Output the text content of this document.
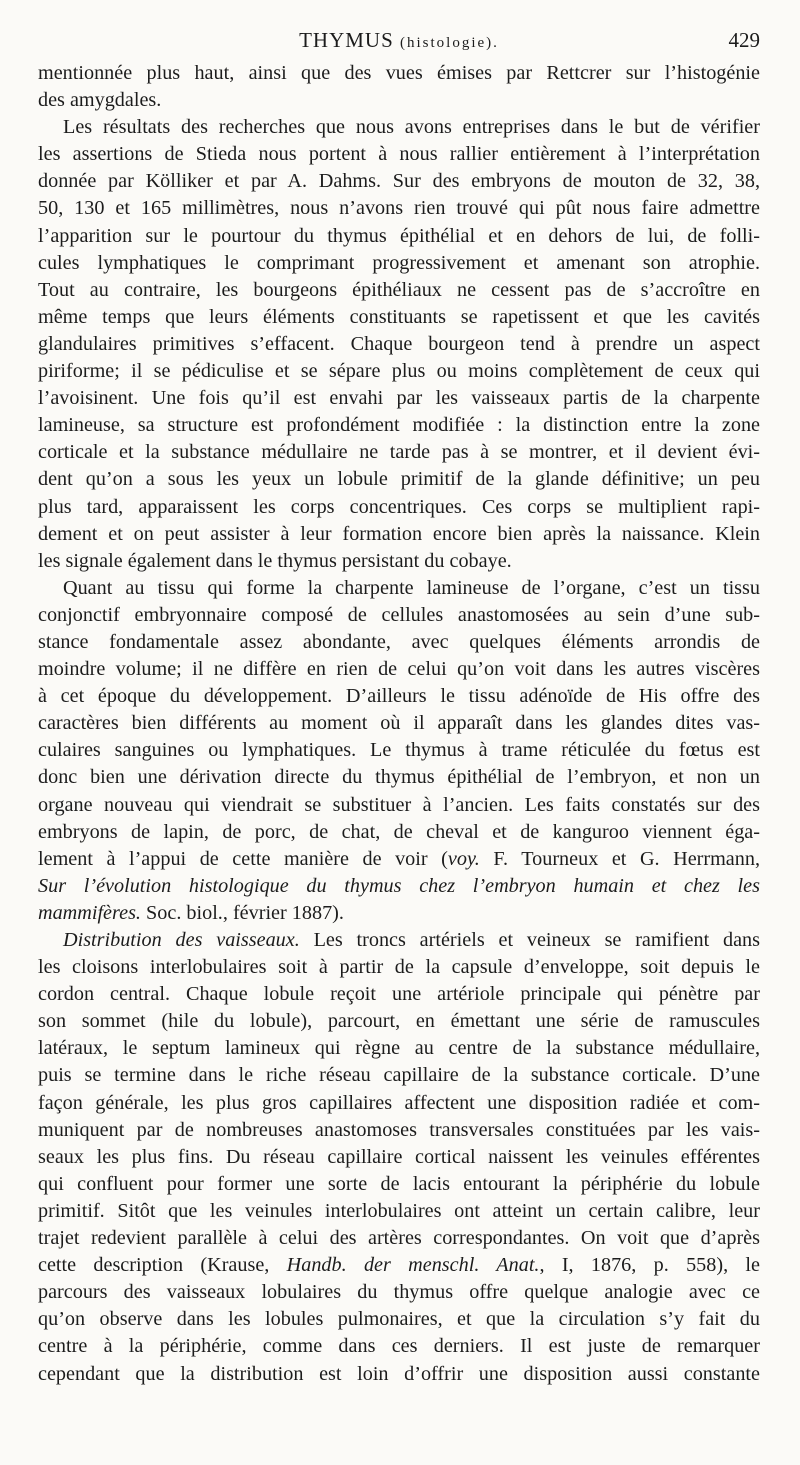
THYMUS (histologie).	429

mentionnée plus haut, ainsi que des vues émises par Rettcrer sur l’histogénie
des amygdales.

Les résultats des recherches que nous avons entreprises dans le but de vérifier
les assertions de Stieda nous portent à nous rallier entièrement à l’interprétation
donnée par Kölliker et par A. Dahms. Sur des embryons de mouton de 32, 38,
50, 130 et 165 millimètres, nous n’avons rien trouvé qui pût nous faire admettre
l’apparition sur le pourtour du thymus épithélial et en dehors de lui, de folli-
cules lymphatiques le comprimant progressivement et amenant son atrophie.
Tout au contraire, les bourgeons épithéliaux ne cessent pas de s’accroître en
même temps que leurs éléments constituants se rapetissent et que les cavités
glandulaires primitives s’effacent. Chaque bourgeon tend à prendre un aspect
piriforme; il se pédiculise et se sépare plus ou moins complètement de ceux qui
l’avoisinent. Une fois qu’il est envahi par les vaisseaux partis de la charpente
lamineuse, sa structure est profondément modifiée : la distinction entre la zone
corticale et la substance médullaire ne tarde pas à se montrer, et il devient évi-
dent qu’on a sous les yeux un lobule primitif de la glande définitive; un peu
plus tard, apparaissent les corps concentriques. Ces corps se multiplient rapi-
dement et on peut assister à leur formation encore bien après la naissance. Klein
les signale également dans le thymus persistant du cobaye.

Quant au tissu qui forme la charpente lamineuse de l’organe, c’est un tissu
conjonctif embryonnaire composé de cellules anastomosées au sein d’une sub-
stance fondamentale assez abondante, avec quelques éléments arrondis de
moindre volume; il ne diffère en rien de celui qu’on voit dans les autres viscères
à cet époque du développement. D’ailleurs le tissu adénoïde de His offre des
caractères bien différents au moment où il apparaît dans les glandes dites vas-
culaires sanguines ou lymphatiques. Le thymus à trame réticulée du fœtus est
donc bien une dérivation directe du thymus épithélial de l’embryon, et non un
organe nouveau qui viendrait se substituer à l’ancien. Les faits constatés sur des
embryons de lapin, de porc, de chat, de cheval et de kanguroo viennent éga-
lement à l’appui de cette manière de voir (voy. F. Tourneux et G. Herrmann,
Sur l’évolution histologique du thymus chez l’embryon humain et chez les
mammifères. Soc. biol., février 1887).

Distribution des vaisseaux. Les troncs artériels et veineux se ramifient dans
les cloisons interlobulaires soit à partir de la capsule d’enveloppe, soit depuis le
cordon central. Chaque lobule reçoit une artériole principale qui pénètre par
son sommet (hile du lobule), parcourt, en émettant une série de ramuscules
latéraux, le septum lamineux qui règne au centre de la substance médullaire,
puis se termine dans le riche réseau capillaire de la substance corticale. D’une
façon générale, les plus gros capillaires affectent une disposition radiée et com-
muniquent par de nombreuses anastomoses transversales constituées par les vais-
seaux les plus fins. Du réseau capillaire cortical naissent les veinules efférentes
qui confluent pour former une sorte de lacis entourant la périphérie du lobule
primitif. Sitôt que les veinules interlobulaires ont atteint un certain calibre, leur
trajet redevient parallèle à celui des artères correspondantes. On voit que d’après
cette description (Krause, Handb. der menschl. Anat., I, 1876, p. 558), le
parcours des vaisseaux lobulaires du thymus offre quelque analogie avec ce
qu’on observe dans les lobules pulmonaires, et que la circulation s’y fait du
centre à la périphérie, comme dans ces derniers. Il est juste de remarquer
cependant que la distribution est loin d’offrir une disposition aussi constante
